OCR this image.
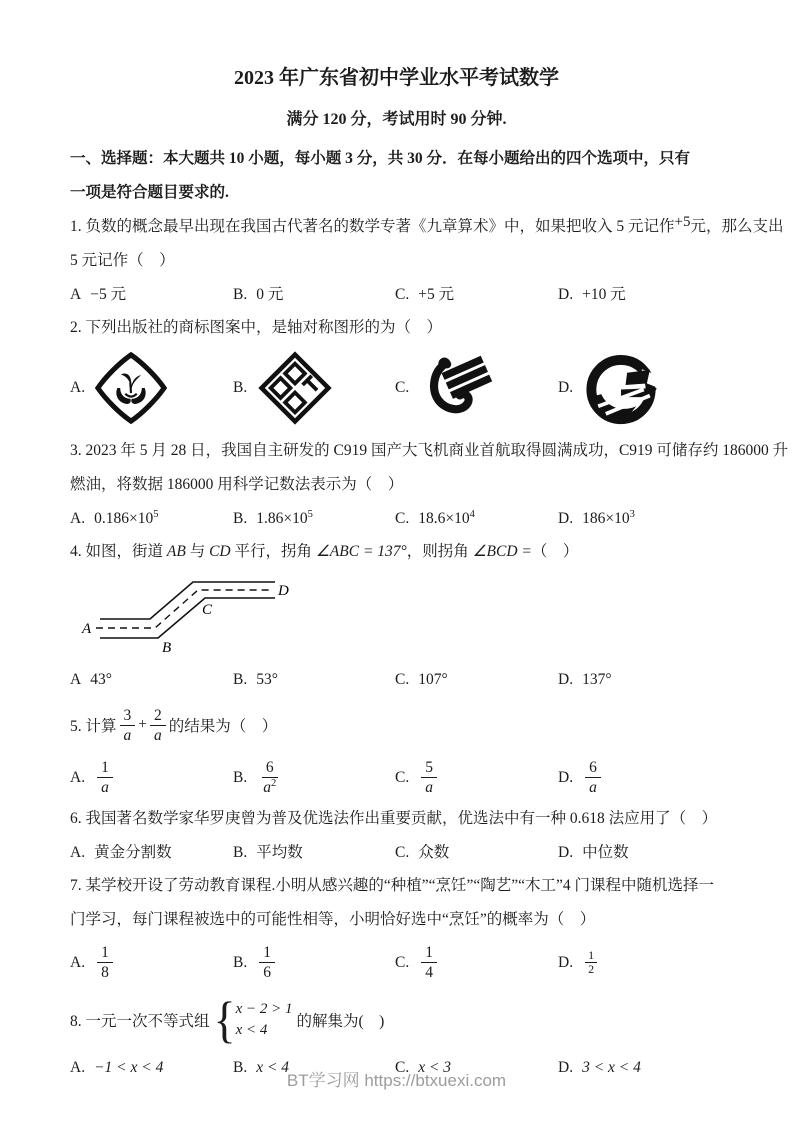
2023 年广东省初中学业水平考试数学
满分 120 分，考试用时 90 分钟.
一、选择题：本大题共 10 小题，每小题 3 分，共 30 分．在每小题给出的四个选项中，只有
一项是符合题目要求的.
1. 负数的概念最早出现在我国古代著名的数学专著《九章算术》中，如果把收入 5 元记作+5元，那么支出
5 元记作（　）
A −5 元	B. 0 元	C. +5 元	D. +10 元
2. 下列出版社的商标图案中，是轴对称图形的为（　）
A.	B.	C.	D.
3. 2023 年 5 月 28 日，我国自主研发的 C919 国产大飞机商业首航取得圆满成功，C919 可储存约 186000 升
燃油，将数据 186000 用科学记数法表示为（　）
A. $0.186\times 10^5$	B. $1.86\times 10^5$	C. $18.6\times 10^4$	D. $186\times 10^3$
4. 如图，街道 AB 与 CD 平行，拐角 ∠ABC = 137°，则拐角 ∠BCD =（　）
A
B
C
D
A 43°	B. 53°	C. 107°	D. 137°
5. 计算 $\frac{3}{a} + \frac{2}{a}$ 的结果为（　）
A. $\frac{1}{a}$	B. $\frac{6}{a^2}$	C. $\frac{5}{a}$	D. $\frac{6}{a}$
6. 我国著名数学家华罗庚曾为普及优选法作出重要贡献，优选法中有一种 0.618 法应用了（　）
A. 黄金分割数	B. 平均数	C. 众数	D. 中位数
7. 某学校开设了劳动教育课程.小明从感兴趣的“种植”“烹饪”“陶艺”“木工”4 门课程中随机选择一
门学习，每门课程被选中的可能性相等，小明恰好选中“烹饪”的概率为（　）
A. $\frac{1}{8}$	B. $\frac{1}{6}$	C. $\frac{1}{4}$	D. $\frac{1}{2}$
8. 一元一次不等式组 { x − 2 > 1
x < 4	的解集为(　)
A. −1 < x < 4	B. x < 4	C. x < 3	D. 3 < x < 4
BT学习网 https://btxuexi.com
